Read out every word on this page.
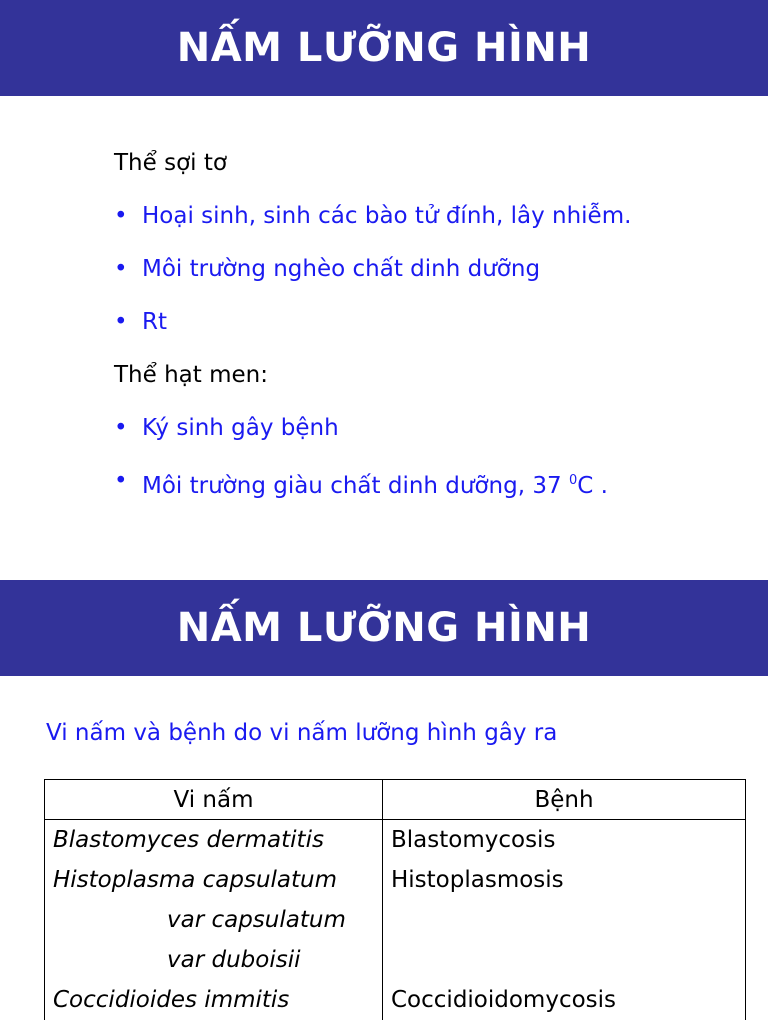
NẤM LƯỠNG HÌNH
Thể sợi tơ
• Hoại sinh, sinh các bào tử đính, lây nhiễm.
• Môi trường nghèo chất dinh dưỡng
• Rt
Thể hạt men:
• Ký sinh gây bệnh
• Môi trường giàu chất dinh dưỡng, 37 $^0$C .
NẤM LƯỠNG HÌNH
Vi nấm và bệnh do vi nấm lưỡng hình gây ra
Vi nấm	Bệnh
Blastomyces dermatitis	Blastomycosis
Histoplasma capsulatum	Histoplasmosis
var capsulatum	
var duboisii	
Coccidioides immitis	Coccidioidomycosis
